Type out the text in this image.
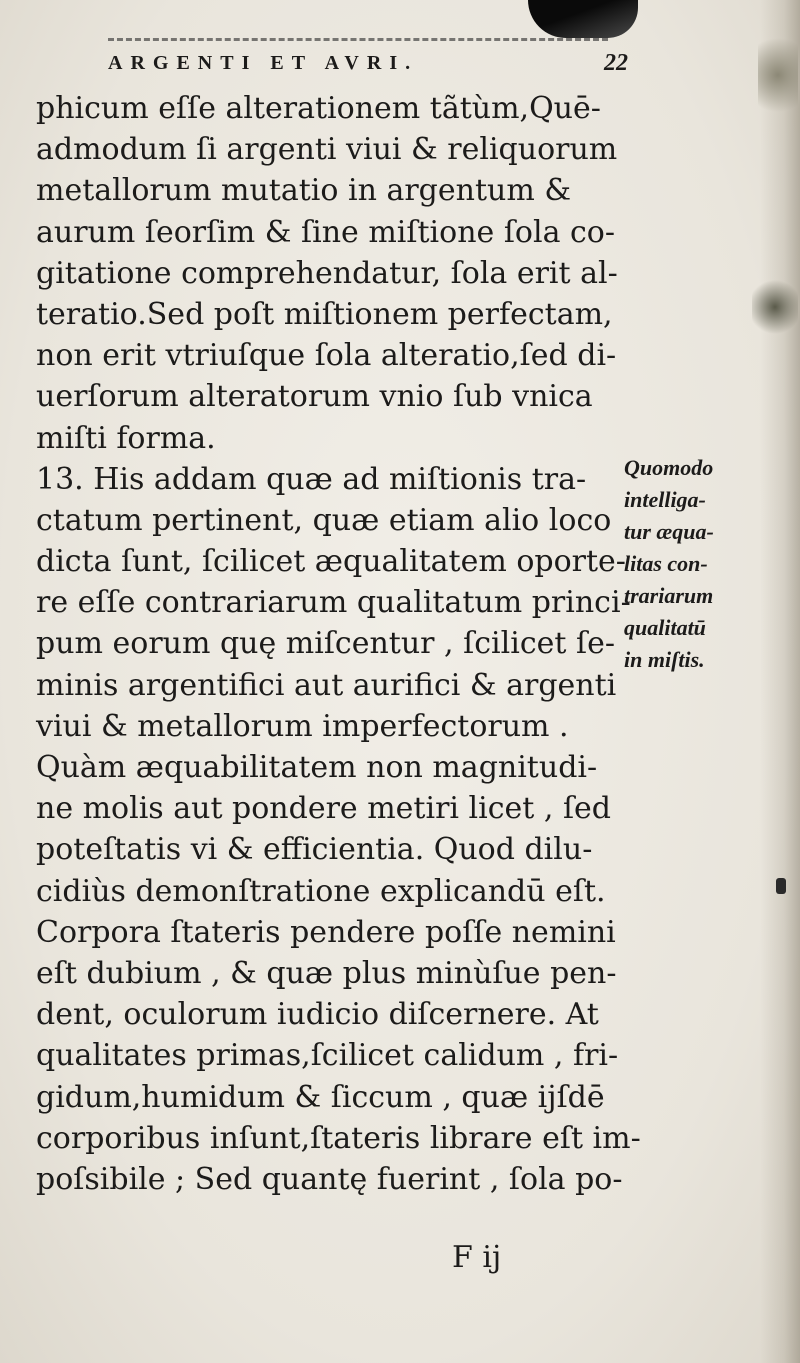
ARGENTI ET AVRI.	22
phicum eſſe alterationem tãtùm,Quē-
admodum ſi argenti viui & reliquorum
metallorum mutatio in argentum &
aurum ſeorſim & ſine miſtione ſola co-
gitatione comprehendatur, ſola erit al-
teratio.Sed poſt miſtionem perfectam,
non erit vtriuſque ſola alteratio,ſed di-
uerſorum alteratorum vnio ſub vnica
miſti forma.
13. His addam quæ ad miſtionis tra-
ctatum pertinent, quæ etiam alio loco
dicta ſunt, ſcilicet æqualitatem oporte-
re eſſe contrariarum qualitatum princi-
pum eorum quę miſcentur , ſcilicet ſe-
minis argentifici aut aurifici & argenti
viui & metallorum imperfectorum .
Quàm æquabilitatem non magnitudi-
ne molis aut pondere metiri licet , ſed
poteſtatis vi & efficientia. Quod dilu-
cidiùs demonſtratione explicandū eſt.
Corpora ſtateris pendere poſſe nemini
eſt dubium , & quæ plus minùſue pen-
dent, oculorum iudicio diſcernere. At
qualitates primas,ſcilicet calidum , fri-
gidum,humidum & ſiccum , quæ ijſdē
corporibus inſunt,ſtateris librare eſt im-
poſsibile ; Sed quantę fuerint , ſola po-
Quomodo
intelliga-
tur æqua-
litas con-
trariarum
qualitatū
in miſtis.
F ij
